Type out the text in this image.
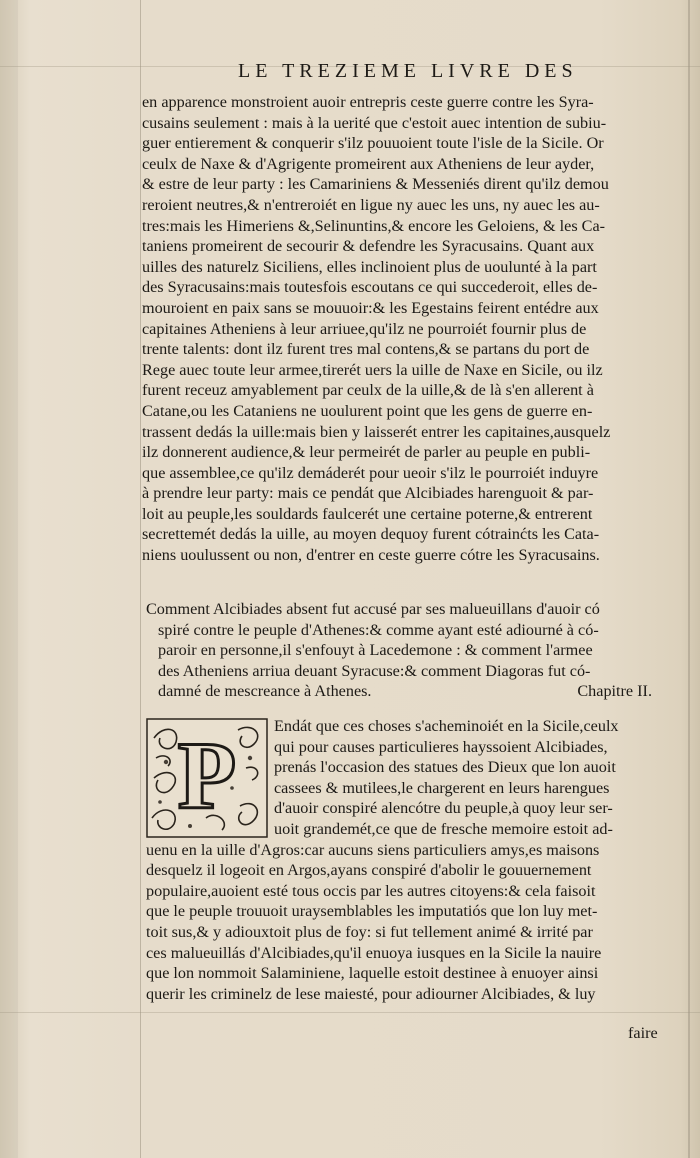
LE TREZIEME LIVRE DES
en apparence monstroient auoir entrepris ceste guerre contre les Syra-
cusains seulement : mais à la uerité que c'estoit auec intention de subiu-
guer entierement & conquerir s'ilz pouuoient toute l'isle de la Sicile. Or
ceulx de Naxe & d'Agrigente promeirent aux Atheniens de leur ayder,
& estre de leur party : les Camariniens & Messeniés dirent qu'ilz demou
reroient neutres,& n'entreroiét en ligue ny auec les uns, ny auec les au-
tres:mais les Himeriens &,Selinuntins,& encore les Geloiens, & les Ca-
taniens promeirent de secourir & defendre les Syracusains. Quant aux
uilles des naturelz Siciliens, elles inclinoient plus de uoulunté à la part
des Syracusains:mais toutesfois escoutans ce qui succederoit, elles de-
mouroient en paix sans se mouuoir:& les Egestains feirent entédre aux
capitaines Atheniens à leur arriuee,qu'ilz ne pourroiét fournir plus de
trente talents: dont ilz furent tres mal contens,& se partans du port de
Rege auec toute leur armee,tirerét uers la uille de Naxe en Sicile, ou ilz
furent receuz amyablement par ceulx de la uille,& de là s'en allerent à
Catane,ou les Cataniens ne uoulurent point que les gens de guerre en-
trassent dedás la uille:mais bien y laisserét entrer les capitaines,ausquelz
ilz donnerent audience,& leur permeirét de parler au peuple en publi-
que assemblee,ce qu'ilz demáderét pour ueoir s'ilz le pourroiét induyre
à prendre leur party: mais ce pendát que Alcibiades harenguoit & par-
loit au peuple,les souldards faulcerét une certaine poterne,& entrerent
secrettemét dedás la uille, au moyen dequoy furent cótrainćts les Cata-
niens uoulussent ou non, d'entrer en ceste guerre cótre les Syracusains.
Comment Alcibiades absent fut accusé par ses malueuillans d'auoir có
spiré contre le peuple d'Athenes:& comme ayant esté adiourné à có-
paroir en personne,il s'enfouyt à Lacedemone : & comment l'armee
des Atheniens arriua deuant Syracuse:& comment Diagoras fut có-
damné de mescreance à Athenes.	Chapitre II.
P	Endát que ces choses s'acheminoiét en la Sicile,ceulx
qui pour causes particulieres hayssoient Alcibiades,
prenás l'occasion des statues des Dieux que lon auoit
cassees & mutilees,le chargerent en leurs harengues
d'auoir conspiré alencótre du peuple,à quoy leur ser-
uoit grandemét,ce que de fresche memoire estoit ad-
uenu en la uille d'Agros:car aucuns siens particuliers amys,es maisons
desquelz il logeoit en Argos,ayans conspiré d'abolir le gouuernement
populaire,auoient esté tous occis par les autres citoyens:& cela faisoit
que le peuple trouuoit uraysemblables les imputatiós que lon luy met-
toit sus,& y adiouxtoit plus de foy: si fut tellement animé & irrité par
ces malueuillás d'Alcibiades,qu'il enuoya iusques en la Sicile la nauire
que lon nommoit Salaminiene, laquelle estoit destinee à enuoyer ainsi
querir les criminelz de lese maiesté, pour adiourner Alcibiades, & luy
faire
